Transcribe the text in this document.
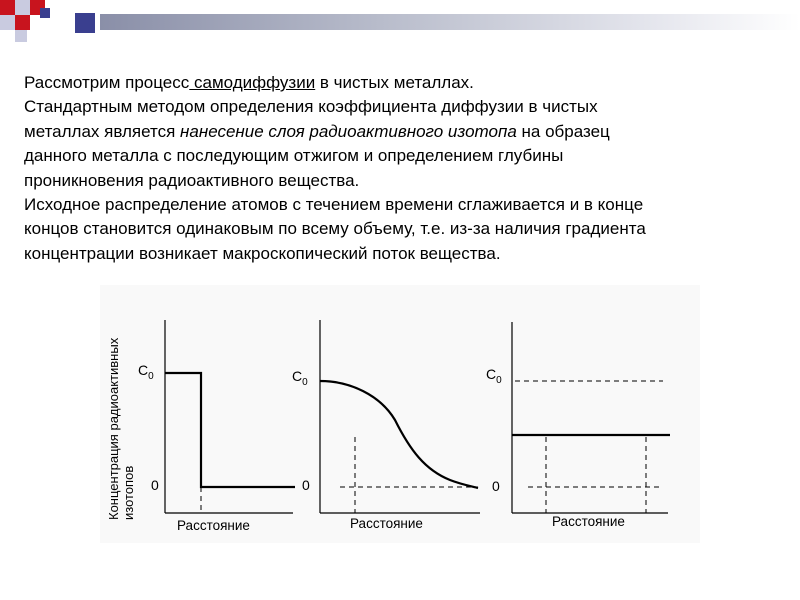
Рассмотрим процесс самодиффузии в чистых металлах.
Стандартным методом определения коэффициента диффузии в чистых
металлах является нанесение слоя радиоактивного изотопа на образец
данного металла с последующим отжигом и определением глубины
проникновения радиоактивного вещества.

Исходное распределение атомов с течением времени сглаживается и в конце
концов становится одинаковым по всему объему, т.е. из-за наличия градиента
концентрации возникает макроскопический поток вещества.

Концентрация радиоактивных изотопов
$C_0$
0
$C_0$
0
$C_0$
0
Расстояние	Расстояние	Расстояние
